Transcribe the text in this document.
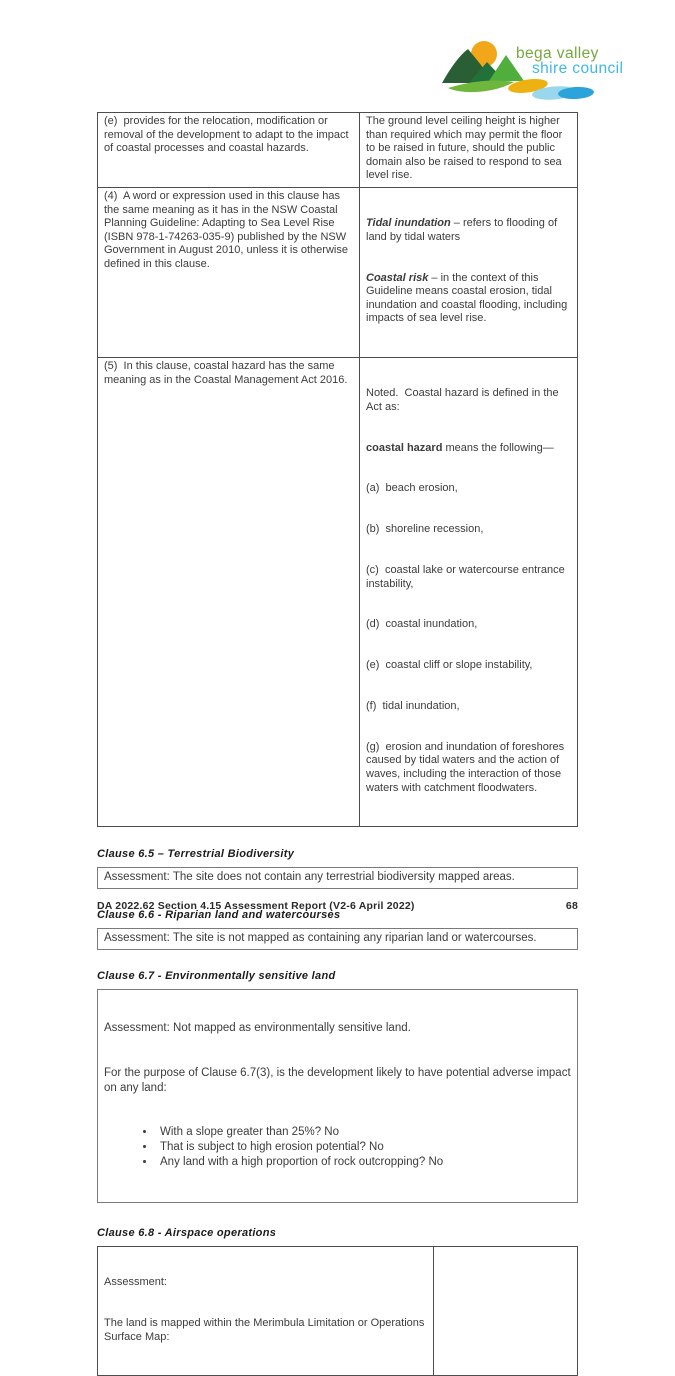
bega valley
shire council
(e)  provides for the relocation, modification or removal of the development to adapt to the impact of coastal processes and coastal hazards.
The ground level ceiling height is higher than required which may permit the floor to be raised in future, should the public domain also be raised to respond to sea level rise.
(4)  A word or expression used in this clause has the same meaning as it has in the NSW Coastal Planning Guideline: Adapting to Sea Level Rise (ISBN 978-1-74263-035-9) published by the NSW Government in August 2010, unless it is otherwise defined in this clause.

Tidal inundation – refers to flooding of land by tidal waters

Coastal risk – in the context of this Guideline means coastal erosion, tidal inundation and coastal flooding, including impacts of sea level rise.

(5)  In this clause, coastal hazard has the same meaning as in the Coastal Management Act 2016.

Noted.  Coastal hazard is defined in the Act as:

coastal hazard means the following—

(a)  beach erosion,

(b)  shoreline recession,

(c)  coastal lake or watercourse entrance instability,

(d)  coastal inundation,

(e)  coastal cliff or slope instability,

(f)  tidal inundation,

(g)  erosion and inundation of foreshores caused by tidal waters and the action of waves, including the interaction of those waters with catchment floodwaters.

Clause 6.5 – Terrestrial Biodiversity
Assessment: The site does not contain any terrestrial biodiversity mapped areas.
Clause 6.6 - Riparian land and watercourses
Assessment: The site is not mapped as containing any riparian land or watercourses.
Clause 6.7 - Environmentally sensitive land

Assessment: Not mapped as environmentally sensitive land.

For the purpose of Clause 6.7(3), is the development likely to have potential adverse impact on any land:

• With a slope greater than 25%? No
• That is subject to high erosion potential? No
• Any land with a high proportion of rock outcropping? No

Clause 6.8 - Airspace operations

Assessment:

The land is mapped within the Merimbula Limitation or Operations Surface Map:

DA 2022.62 Section 4.15 Assessment Report (V2-6 April 2022)	68
